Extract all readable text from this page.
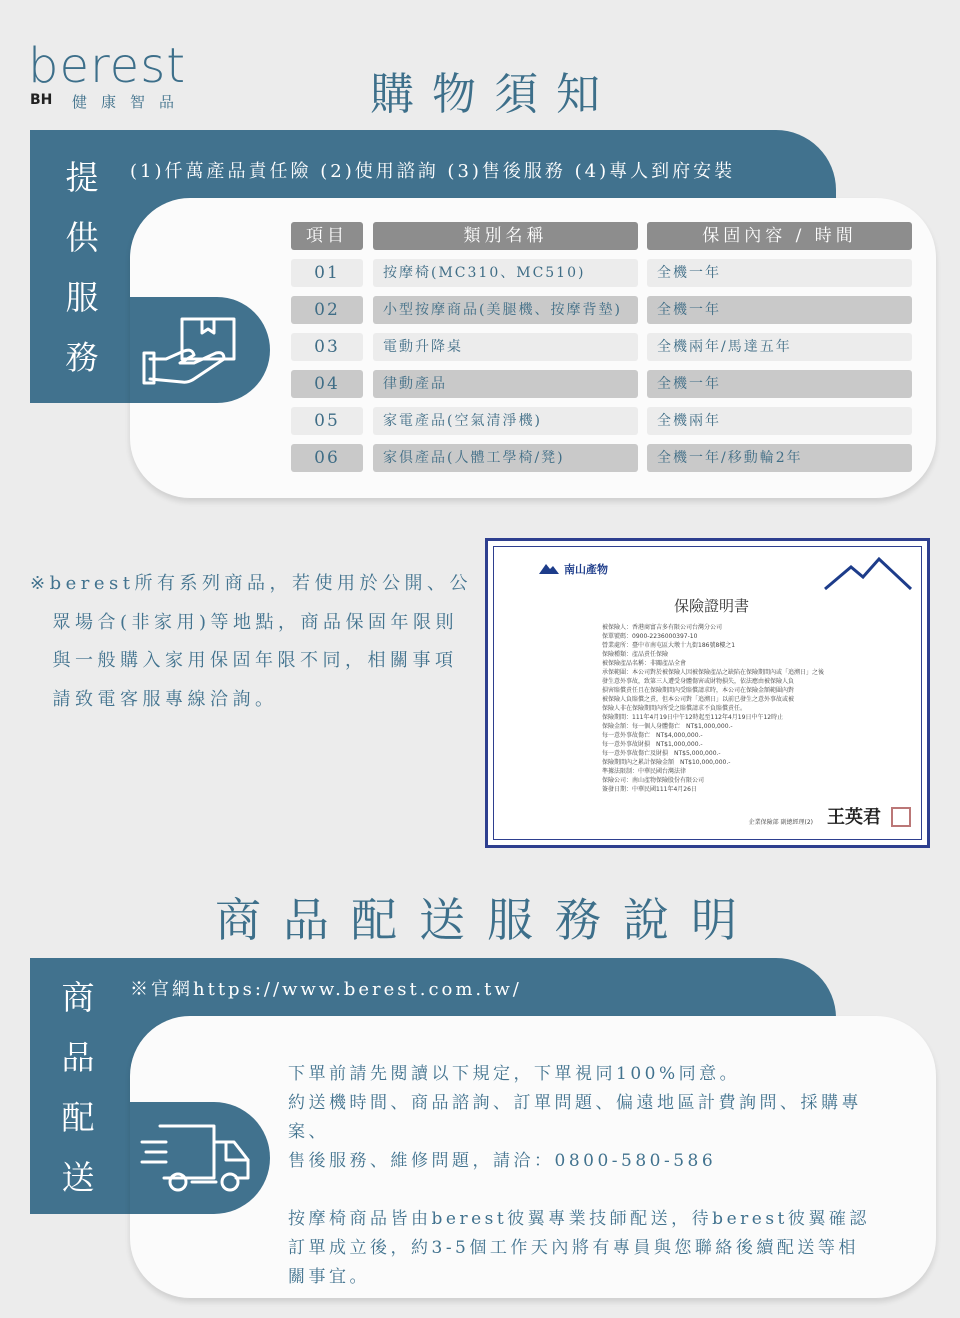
berest
BH 健康智品	購物須知
(1)仟萬產品責任險 (2)使用諮詢 (3)售後服務 (4)專人到府安裝
提
供
服
務
項目	類別名稱	保固內容 / 時間
01	按摩椅(MC310、MC510)	全機一年
02	小型按摩商品(美腿機、按摩背墊)	全機一年
03	電動升降桌	全機兩年/馬達五年
04	律動產品	全機一年
05	家電產品(空氣清淨機)	全機兩年
06	家俱產品(人體工學椅/凳)	全機一年/移動輪2年

※berest所有系列商品，若使用於公開、公

　眾場合(非家用)等地點，商品保固年限則

　與一般購入家用保固年限不同，相關事項

　請致電客服專線洽詢。

南山產物
保險證明書
被保險人：香港商富吉多有限公司台灣分公司
保單號碼：0900-2236000397-10
營業處所：臺中市南屯區大墩十九街186號8樓之1
保險種類：產品責任保險
被保險產品名稱：非關產品全會
承保範圍：本公司對於被保險人因被保險產品之缺陷在保險期間內或「追溯日」之後
發生意外事故，致第三人遭受身體傷害或財物損失，依法應由被保險人負
損害賠償責任且在保險期間內受賠償請求時，本公司在保險金額範圍內對
被保險人負賠償之責，但本公司對「追溯日」以前已發生之意外事故或被
保險人非在保險期間內所受之賠償請求不負賠償責任。
保險期間：111年4月19日中午12時起至112年4月19日中午12時止
保險金額：每一個人身體傷亡　NT$1,000,000.-
每一意外事故傷亡　NT$4,000,000.-
每一意外事故財損　NT$1,000,000.-
每一意外事故傷亡及財損　NT$5,000,000.-
保險期間內之累計保險金額　NT$10,000,000.-
準據法限制：中華民國台灣法律
保險公司：南山產物保險股份有限公司
簽發日期：中華民國111年4月26日
企業保險部 副總經理(2) 王英君
商品配送服務說明
※官網https://www.berest.com.tw/
商
品
配
送
下單前請先閱讀以下規定，下單視同100%同意。
約送機時間、商品諮詢、訂單問題、偏遠地區計費詢問、採購專
案、
售後服務、維修問題，請洽：0800-580-586
按摩椅商品皆由berest彼翼專業技師配送，待berest彼翼確認
訂單成立後，約3-5個工作天內將有專員與您聯絡後續配送等相
關事宜。
